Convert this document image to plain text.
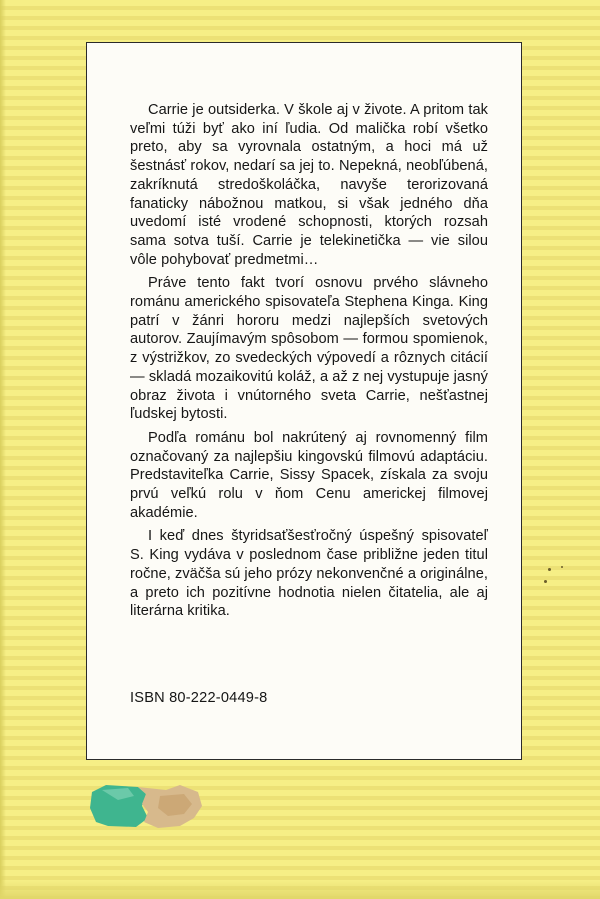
Carrie je outsiderka. V škole aj v živote. A pritom tak veľmi túži byť ako iní ľudia. Od malička robí všetko preto, aby sa vyrovnala ostatným, a hoci má už šestnásť rokov, nedarí sa jej to. Nepekná, neobľúbená, zakríknutá stredoškoláčka, navyše terorizovaná fanaticky nábožnou matkou, si však jedného dňa uvedomí isté vrodené schopnosti, ktorých rozsah sama sotva tuší. Carrie je telekinetička — vie silou vôle pohybovať predmetmi…

Práve tento fakt tvorí osnovu prvého slávneho románu amerického spisovateľa Stephena Kinga. King patrí v žánri hororu medzi najlepších svetových autorov. Zaujímavým spôsobom — formou spomienok, z výstrižkov, zo svedeckých výpovedí a rôznych citácií — skladá mozaikovitú koláž, a až z nej vystupuje jasný obraz života i vnútorného sveta Carrie, nešťastnej ľudskej bytosti.

Podľa románu bol nakrútený aj rovnomenný film označovaný za najlepšiu kingovskú filmovú adaptáciu. Predstaviteľka Carrie, Sissy Spacek, získala za svoju prvú veľkú rolu v ňom Cenu americkej filmovej akadémie.

I keď dnes štyridsaťšesťročný úspešný spisovateľ S. King vydáva v poslednom čase približne jeden titul ročne, zväčša sú jeho prózy nekonvenčné a originálne, a preto ich pozitívne hodnotia nielen čitatelia, ale aj literárna kritika.

ISBN 80-222-0449-8
